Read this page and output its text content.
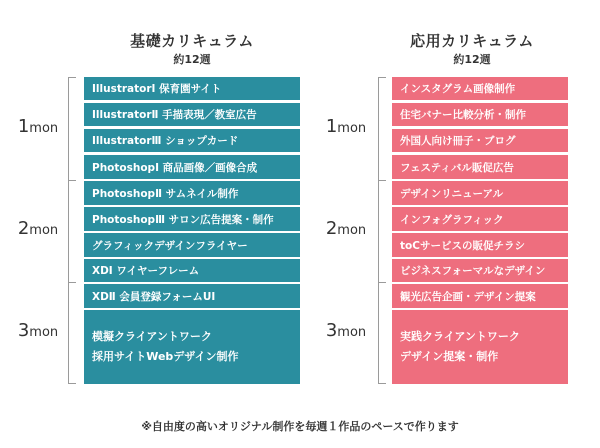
基礎カリキュラム
約12週
1mon
2mon
3mon
IllustratorⅠ 保育園サイト
IllustratorⅡ 手描表現／教室広告
IllustratorⅢ ショップカード
PhotoshopⅠ 商品画像／画像合成
PhotoshopⅡ サムネイル制作
PhotoshopⅢ サロン広告提案・制作
グラフィックデザインフライヤー
XDⅠ ワイヤーフレーム
XDⅡ 会員登録フォームUI
模擬クライアントワーク
採用サイトWebデザイン制作
応用カリキュラム
約12週
1mon
2mon
3mon
インスタグラム画像制作
住宅バナー比較分析・制作
外国人向け冊子・ブログ
フェスティバル販促広告
デザインリニューアル
インフォグラフィック
toCサービスの販促チラシ
ビジネスフォーマルなデザイン
観光広告企画・デザイン提案
実践クライアントワーク
デザイン提案・制作
※自由度の高いオリジナル制作を毎週１作品のペースで作ります
